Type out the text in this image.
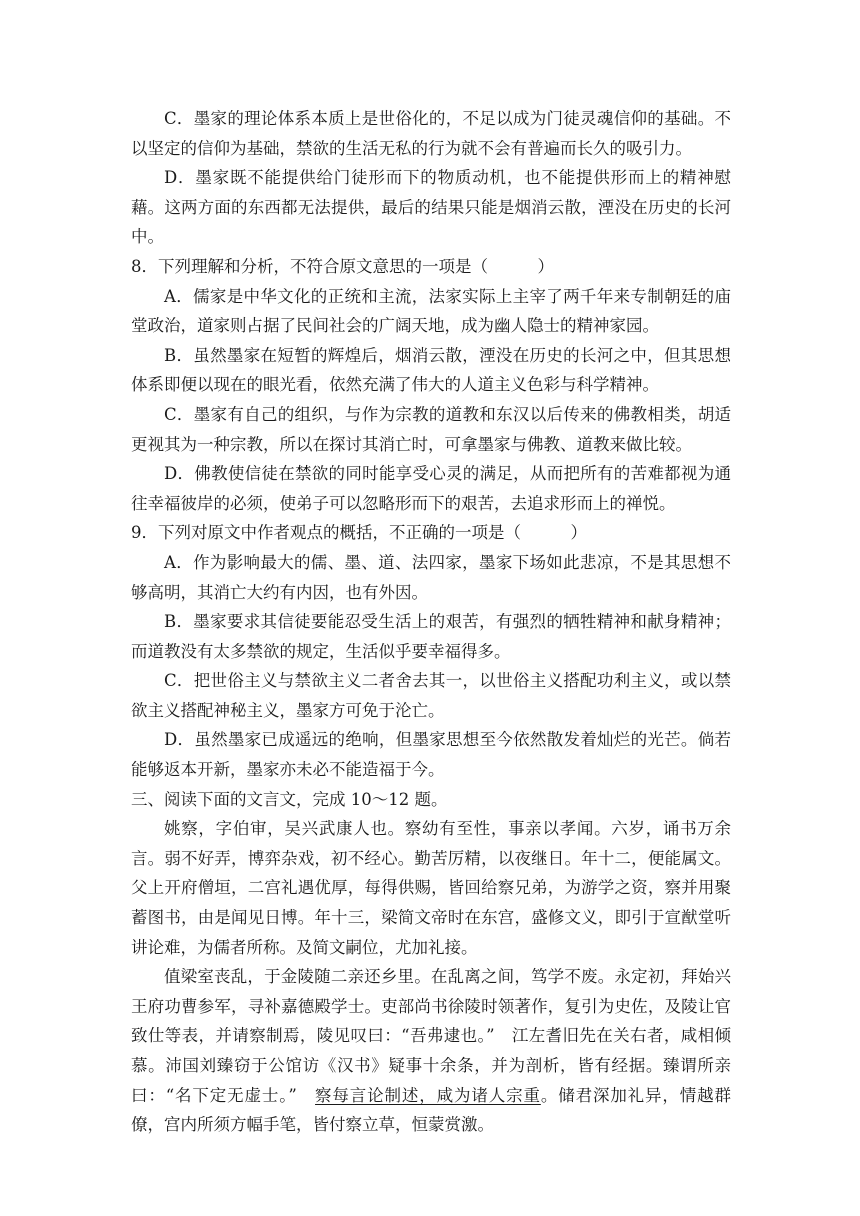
C．墨家的理论体系本质上是世俗化的，不足以成为门徒灵魂信仰的基础。不以坚定的信仰为基础，禁欲的生活无私的行为就不会有普遍而长久的吸引力。

D．墨家既不能提供给门徒形而下的物质动机，也不能提供形而上的精神慰藉。这两方面的东西都无法提供，最后的结果只能是烟消云散，湮没在历史的长河中。

8．下列理解和分析，不符合原文意思的一项是（　　　）

A．儒家是中华文化的正统和主流，法家实际上主宰了两千年来专制朝廷的庙堂政治，道家则占据了民间社会的广阔天地，成为幽人隐士的精神家园。

B．虽然墨家在短暂的辉煌后，烟消云散，湮没在历史的长河之中，但其思想体系即便以现在的眼光看，依然充满了伟大的人道主义色彩与科学精神。

C．墨家有自己的组织，与作为宗教的道教和东汉以后传来的佛教相类，胡适更视其为一种宗教，所以在探讨其消亡时，可拿墨家与佛教、道教来做比较。

D．佛教使信徒在禁欲的同时能享受心灵的满足，从而把所有的苦难都视为通往幸福彼岸的必须，使弟子可以忽略形而下的艰苦，去追求形而上的禅悦。

9．下列对原文中作者观点的概括，不正确的一项是（　　　）

A．作为影响最大的儒、墨、道、法四家，墨家下场如此悲凉，不是其思想不够高明，其消亡大约有内因，也有外因。

B．墨家要求其信徒要能忍受生活上的艰苦，有强烈的牺牲精神和献身精神；而道教没有太多禁欲的规定，生活似乎要幸福得多。

C．把世俗主义与禁欲主义二者舍去其一，以世俗主义搭配功利主义，或以禁欲主义搭配神秘主义，墨家方可免于沦亡。

D．虽然墨家已成遥远的绝响，但墨家思想至今依然散发着灿烂的光芒。倘若能够返本开新，墨家亦未必不能造福于今。

三、阅读下面的文言文，完成 10～12 题。

姚察，字伯审，吴兴武康人也。察幼有至性，事亲以孝闻。六岁，诵书万余言。弱不好弄，博弈杂戏，初不经心。勤苦厉精，以夜继日。年十二，便能属文。父上开府僧垣，二宫礼遇优厚，每得供赐，皆回给察兄弟，为游学之资，察并用聚蓄图书，由是闻见日博。年十三，梁简文帝时在东宫，盛修文义，即引于宣猷堂听讲论难，为儒者所称。及简文嗣位，尤加礼接。

值梁室丧乱，于金陵随二亲还乡里。在乱离之间，笃学不废。永定初，拜始兴王府功曹参军，寻补嘉德殿学士。吏部尚书徐陵时领著作，复引为史佐，及陵让官致仕等表，并请察制焉，陵见叹曰：“吾弗逮也。”　江左耆旧先在关右者，咸相倾慕。沛国刘臻窃于公馆访《汉书》疑事十余条，并为剖析，皆有经据。臻谓所亲曰：“名下定无虚士。”　察每言论制述，咸为诸人宗重。储君深加礼异，情越群僚，宫内所须方幅手笔，皆付察立草，恒蒙赏激。
